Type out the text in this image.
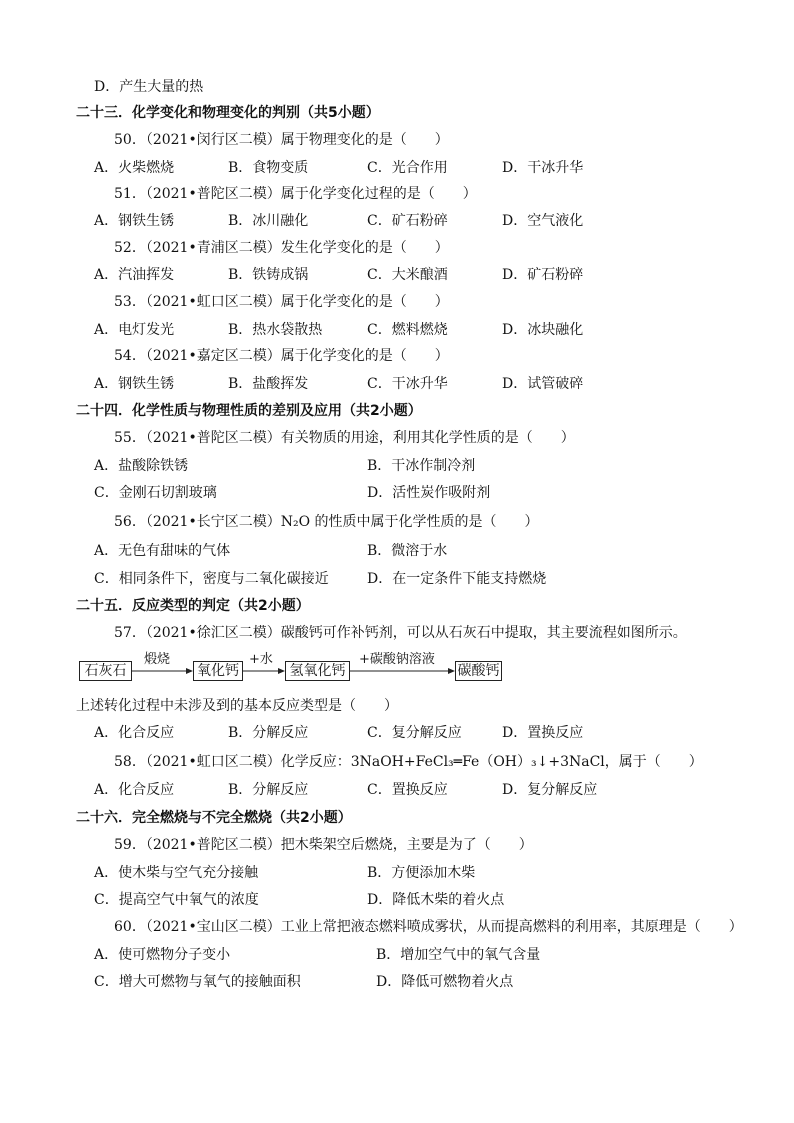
D．产生大量的热
二十三．化学变化和物理变化的判别（共5小题）
50．（2021•闵行区二模）属于物理变化的是（　　）
A．火柴燃烧	B．食物变质	C．光合作用	D．干冰升华
51．（2021•普陀区二模）属于化学变化过程的是（　　）
A．钢铁生锈	B．冰川融化	C．矿石粉碎	D．空气液化
52．（2021•青浦区二模）发生化学变化的是（　　）
A．汽油挥发	B．铁铸成锅	C．大米酿酒	D．矿石粉碎
53．（2021•虹口区二模）属于化学变化的是（　　）
A．电灯发光	B．热水袋散热	C．燃料燃烧	D．冰块融化
54．（2021•嘉定区二模）属于化学变化的是（　　）
A．钢铁生锈	B．盐酸挥发	C．干冰升华	D．试管破碎
二十四．化学性质与物理性质的差别及应用（共2小题）
55．（2021•普陀区二模）有关物质的用途，利用其化学性质的是（　　）
A．盐酸除铁锈	B．干冰作制冷剂
C．金刚石切割玻璃	D．活性炭作吸附剂
56．（2021•长宁区二模）N₂O 的性质中属于化学性质的是（　　）
A．无色有甜味的气体	B．微溶于水
C．相同条件下，密度与二氧化碳接近	D．在一定条件下能支持燃烧
二十五．反应类型的判定（共2小题）
57．（2021•徐汇区二模）碳酸钙可作补钙剂，可以从石灰石中提取，其主要流程如图所示。
石灰石	氧化钙	氢氧化钙	碳酸钙
煅烧	+水	+碳酸钠溶液
上述转化过程中未涉及到的基本反应类型是（　　）
A．化合反应	B．分解反应	C．复分解反应	D．置换反应
58．（2021•虹口区二模）化学反应：3NaOH+FeCl₃═Fe（OH）₃↓+3NaCl，属于（　　）
A．化合反应	B．分解反应	C．置换反应	D．复分解反应
二十六．完全燃烧与不完全燃烧（共2小题）
59．（2021•普陀区二模）把木柴架空后燃烧，主要是为了（　　）
A．使木柴与空气充分接触	B．方便添加木柴
C．提高空气中氧气的浓度	D．降低木柴的着火点
60．（2021•宝山区二模）工业上常把液态燃料喷成雾状，从而提高燃料的利用率，其原理是（　　）
A．使可燃物分子变小	B．增加空气中的氧气含量
C．增大可燃物与氧气的接触面积	D．降低可燃物着火点
